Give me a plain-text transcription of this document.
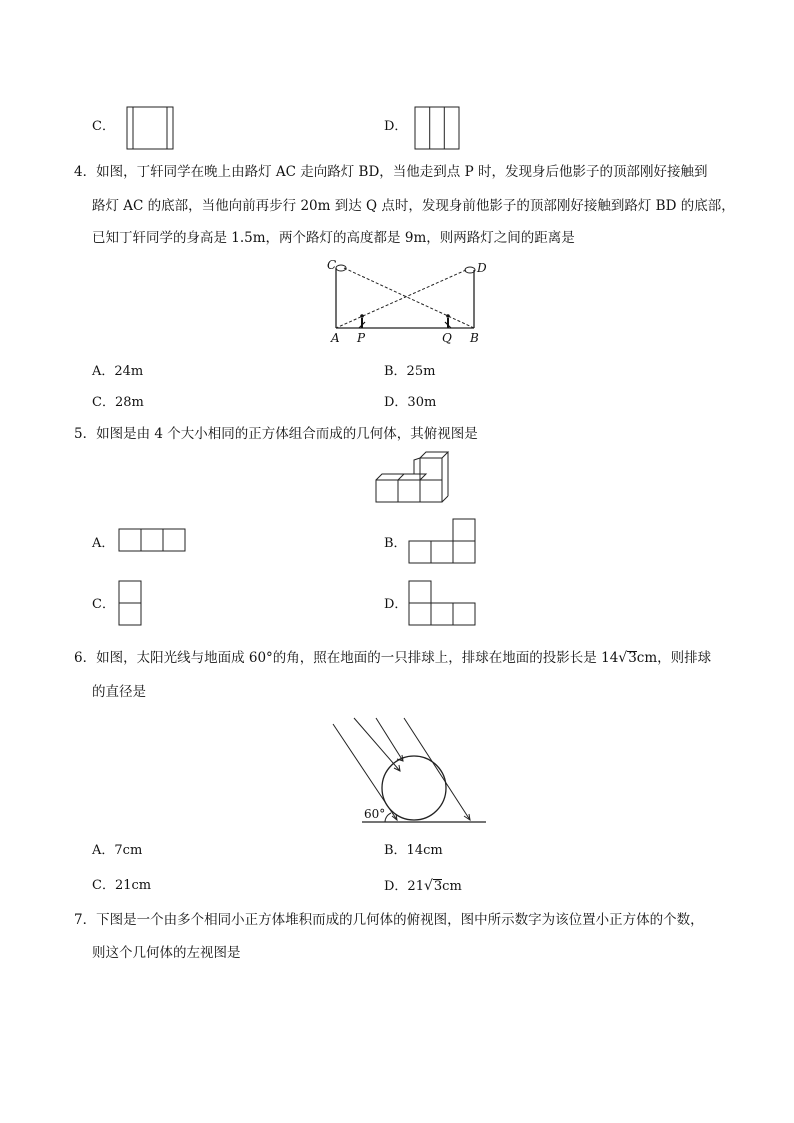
C．	D．
4．如图，丁轩同学在晚上由路灯 AC 走向路灯 BD，当他走到点 P 时，发现身后他影子的顶部刚好接触到
路灯 AC 的底部，当他向前再步行 20m 到达 Q 点时，发现身前他影子的顶部刚好接触到路灯 BD 的底部，
已知丁轩同学的身高是 1.5m，两个路灯的高度都是 9m，则两路灯之间的距离是
C	D
A P	Q B
A．24m	B．25m
C．28m	D．30m
5．如图是由 4 个大小相同的正方体组合而成的几何体，其俯视图是
A．	B．
C．	D．
6．如图，太阳光线与地面成 60°的角，照在地面的一只排球上，排球在地面的投影长是 14√3cm，则排球
的直径是
60°
A．7cm	B．14cm
C．21cm	D．21√3cm
7．下图是一个由多个相同小正方体堆积而成的几何体的俯视图，图中所示数字为该位置小正方体的个数，
则这个几何体的左视图是
